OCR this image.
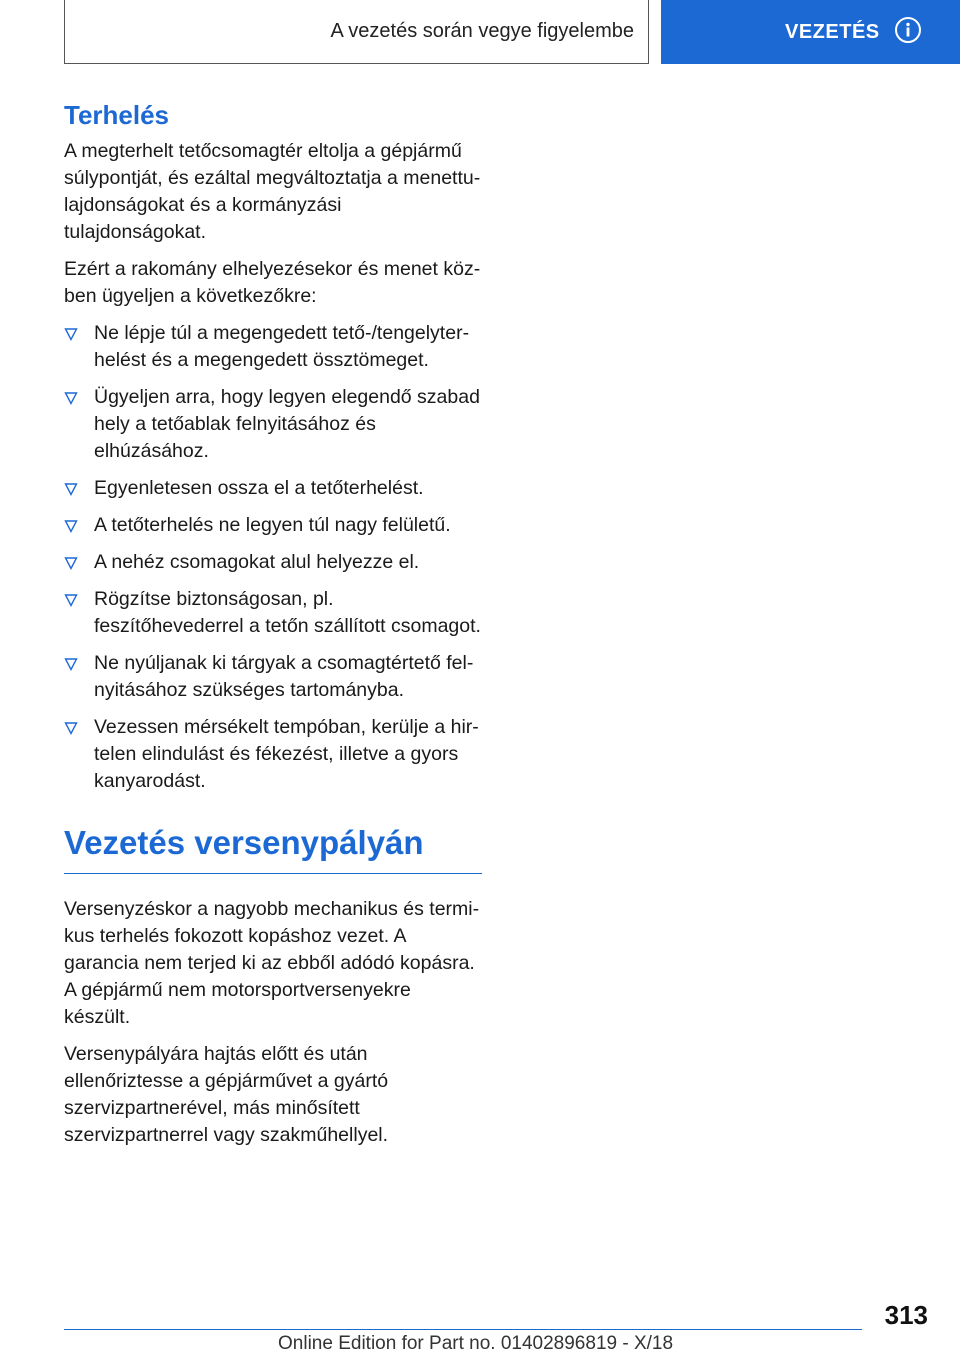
A vezetés során vegye figyelembe	VEZETÉS
Terhelés

A megterhelt tetőcsomagtér eltolja a gépjármű súlypontját, és ezáltal megváltoztatja a menettulajdonságokat és a kormányzási tulajdonságokat.

Ezért a rakomány elhelyezésekor és menet közben ügyeljen a következőkre:

Ne lépje túl a megengedett tető-/tengelyterhelést és a megengedett össztömeget.
Ügyeljen arra, hogy legyen elegendő szabad hely a tetőablak felnyitásához és elhúzásához.
Egyenletesen ossza el a tetőterhelést.
A tetőterhelés ne legyen túl nagy felületű.
A nehéz csomagokat alul helyezze el.
Rögzítse biztonságosan, pl. feszítőhevederrel a tetőn szállított csomagot.
Ne nyúljanak ki tárgyak a csomagtértető felnyitásához szükséges tartományba.
Vezessen mérsékelt tempóban, kerülje a hirtelen elindulást és fékezést, illetve a gyors kanyarodást.
Vezetés versenypályán

Versenyzéskor a nagyobb mechanikus és termikus terhelés fokozott kopáshoz vezet. A garancia nem terjed ki az ebből adódó kopásra. A gépjármű nem motorsportversenyekre készült.

Versenypályára hajtás előtt és után ellenőriztesse a gépjárművet a gyártó szervizpartnerével, más minősített szervizpartnerrel vagy szakműhellyel.

313
Online Edition for Part no. 01402896819 - X/18
